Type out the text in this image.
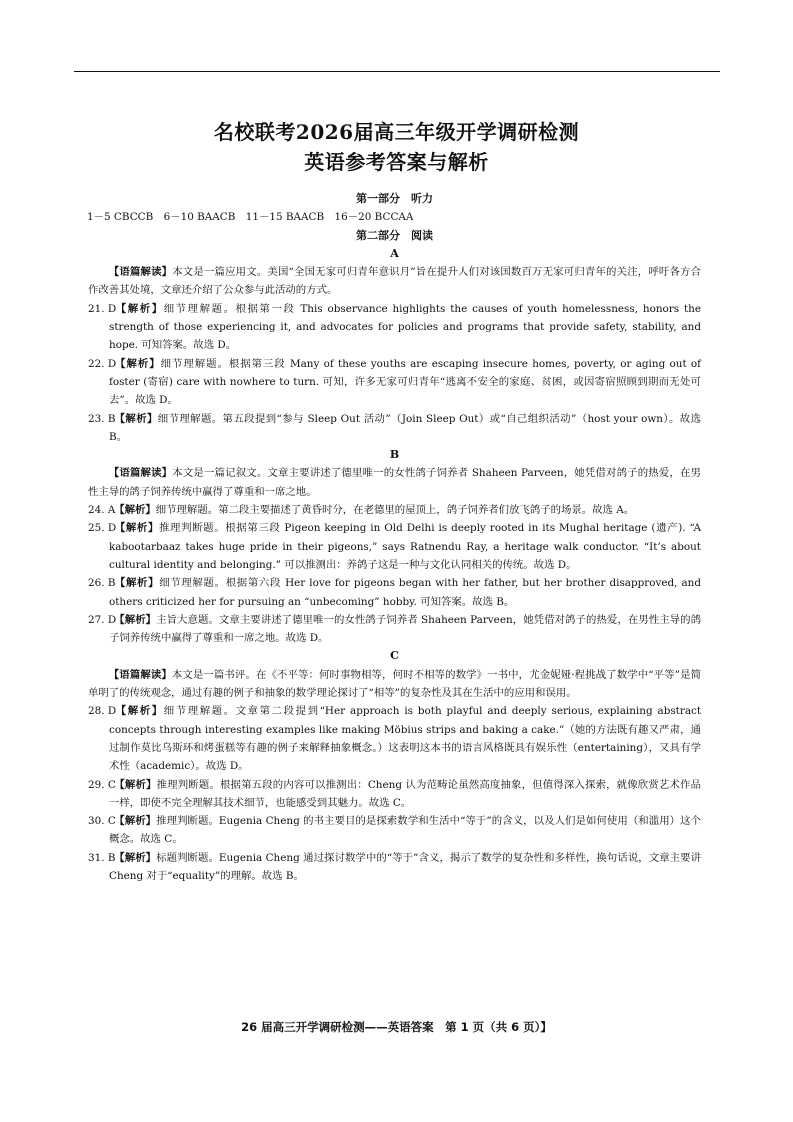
名校联考2026届高三年级开学调研检测
英语参考答案与解析
第一部分　听力
1－5 CBCCB　6－10 BAACB　11－15 BAACB　16－20 BCCAA
第二部分　阅读
A
【语篇解读】本文是一篇应用文。美国“全国无家可归青年意识月”旨在提升人们对该国数百万无家可归青年的关注，呼吁各方合作改善其处境，文章还介绍了公众参与此活动的方式。
21. D
　 【解析】细节理解题。根据第一段 This observance highlights the causes of youth homelessness, honors the strength of those experiencing it, and advocates for policies and programs that provide safety, stability, and hope. 可知答案。故选 D。
22. D
　 【解析】细节理解题。根据第三段 Many of these youths are escaping insecure homes, poverty, or aging out of foster (寄宿) care with nowhere to turn. 可知，许多无家可归青年“逃离不安全的家庭、贫困，或因寄宿照顾到期而无处可去”。故选 D。
23. B
　 【解析】细节理解题。第五段提到“参与 Sleep Out 活动”（Join Sleep Out）或“自己组织活动”（host your own）。故选 B。
B
【语篇解读】本文是一篇记叙文。文章主要讲述了德里唯一的女性鸽子饲养者 Shaheen Parveen，她凭借对鸽子的热爱，在男性主导的鸽子饲养传统中赢得了尊重和一席之地。
24. A
　 【解析】细节理解题。第二段主要描述了黄昏时分，在老德里的屋顶上，鸽子饲养者们放飞鸽子的场景。故选 A。
25. D
　 【解析】推理判断题。根据第三段 Pigeon keeping in Old Delhi is deeply rooted in its Mughal heritage (遗产). “A kabootarbaaz takes huge pride in their pigeons,” says Ratnendu Ray, a heritage walk conductor. “It’s about cultural identity and belonging.” 可以推测出：养鸽子这是一种与文化认同相关的传统。故选 D。
26. B
　 【解析】细节理解题。根据第六段 Her love for pigeons began with her father, but her brother disapproved, and others criticized her for pursuing an “unbecoming” hobby. 可知答案。故选 B。
27. D
　 【解析】主旨大意题。文章主要讲述了德里唯一的女性鸽子饲养者 Shaheen Parveen，她凭借对鸽子的热爱，在男性主导的鸽子饲养传统中赢得了尊重和一席之地。故选 D。
C
【语篇解读】本文是一篇书评。在《不平等：何时事物相等，何时不相等的数学》一书中，尤金妮娅·程挑战了数学中“平等”是简单明了的传统观念，通过有趣的例子和抽象的数学理论探讨了“相等”的复杂性及其在生活中的应用和误用。
28. D
　 【解析】细节理解题。文章第二段提到“Her approach is both playful and deeply serious, explaining abstract concepts through interesting examples like making Möbius strips and baking a cake.”（她的方法既有趣又严肃，通过制作莫比乌斯环和烤蛋糕等有趣的例子来解释抽象概念。）这表明这本书的语言风格既具有娱乐性（entertaining），又具有学术性（academic）。故选 D。
29. C
　 【解析】推理判断题。根据第五段的内容可以推测出：Cheng 认为范畴论虽然高度抽象，但值得深入探索，就像欣赏艺术作品一样，即使不完全理解其技术细节，也能感受到其魅力。故选 C。
30. C
　 【解析】推理判断题。Eugenia Cheng 的书主要目的是探索数学和生活中“等于”的含义，以及人们是如何使用（和滥用）这个概念。故选 C。
31. B
　 【解析】标题判断题。Eugenia Cheng 通过探讨数学中的“等于”含义，揭示了数学的复杂性和多样性，换句话说，文章主要讲 Cheng 对于“equality”的理解。故选 B。
26 届高三开学调研检测——英语答案　第 1 页（共 6 页）】
